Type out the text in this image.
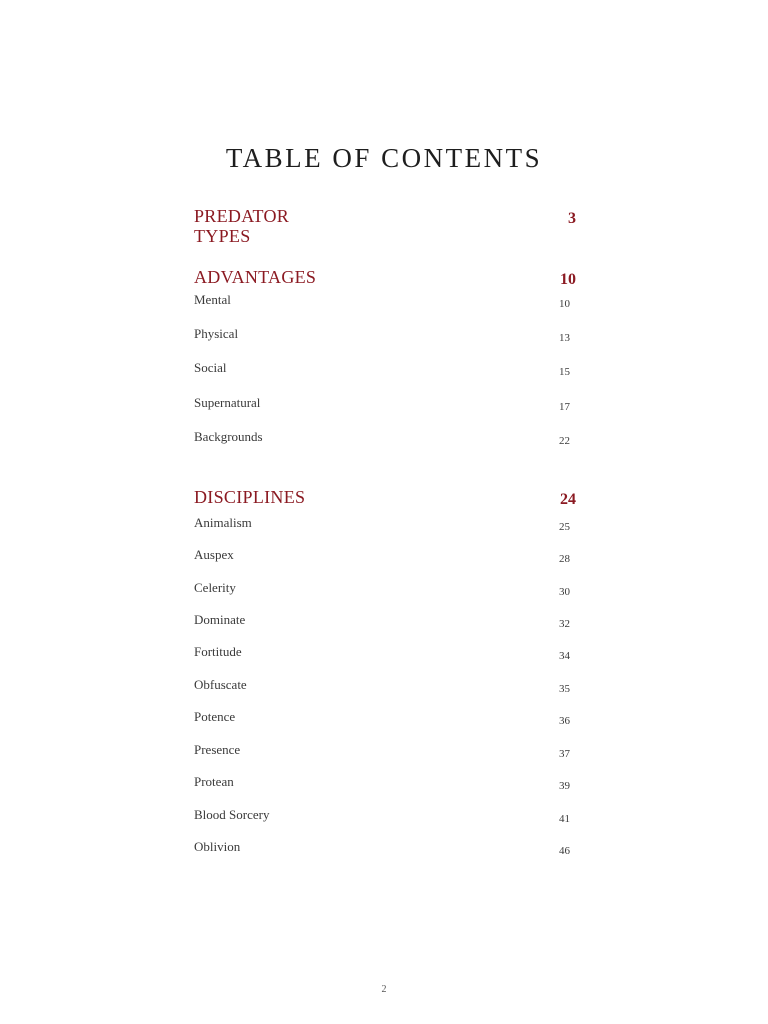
TABLE OF CONTENTS
PREDATOR
TYPES
3
ADVANTAGES	10
Mental	10
Physical	13
Social	15
Supernatural	17
Backgrounds	22
DISCIPLINES	24
Animalism	25
Auspex	28
Celerity	30
Dominate	32
Fortitude	34
Obfuscate	35
Potence	36
Presence	37
Protean	39
Blood Sorcery	41
Oblivion	46
2
